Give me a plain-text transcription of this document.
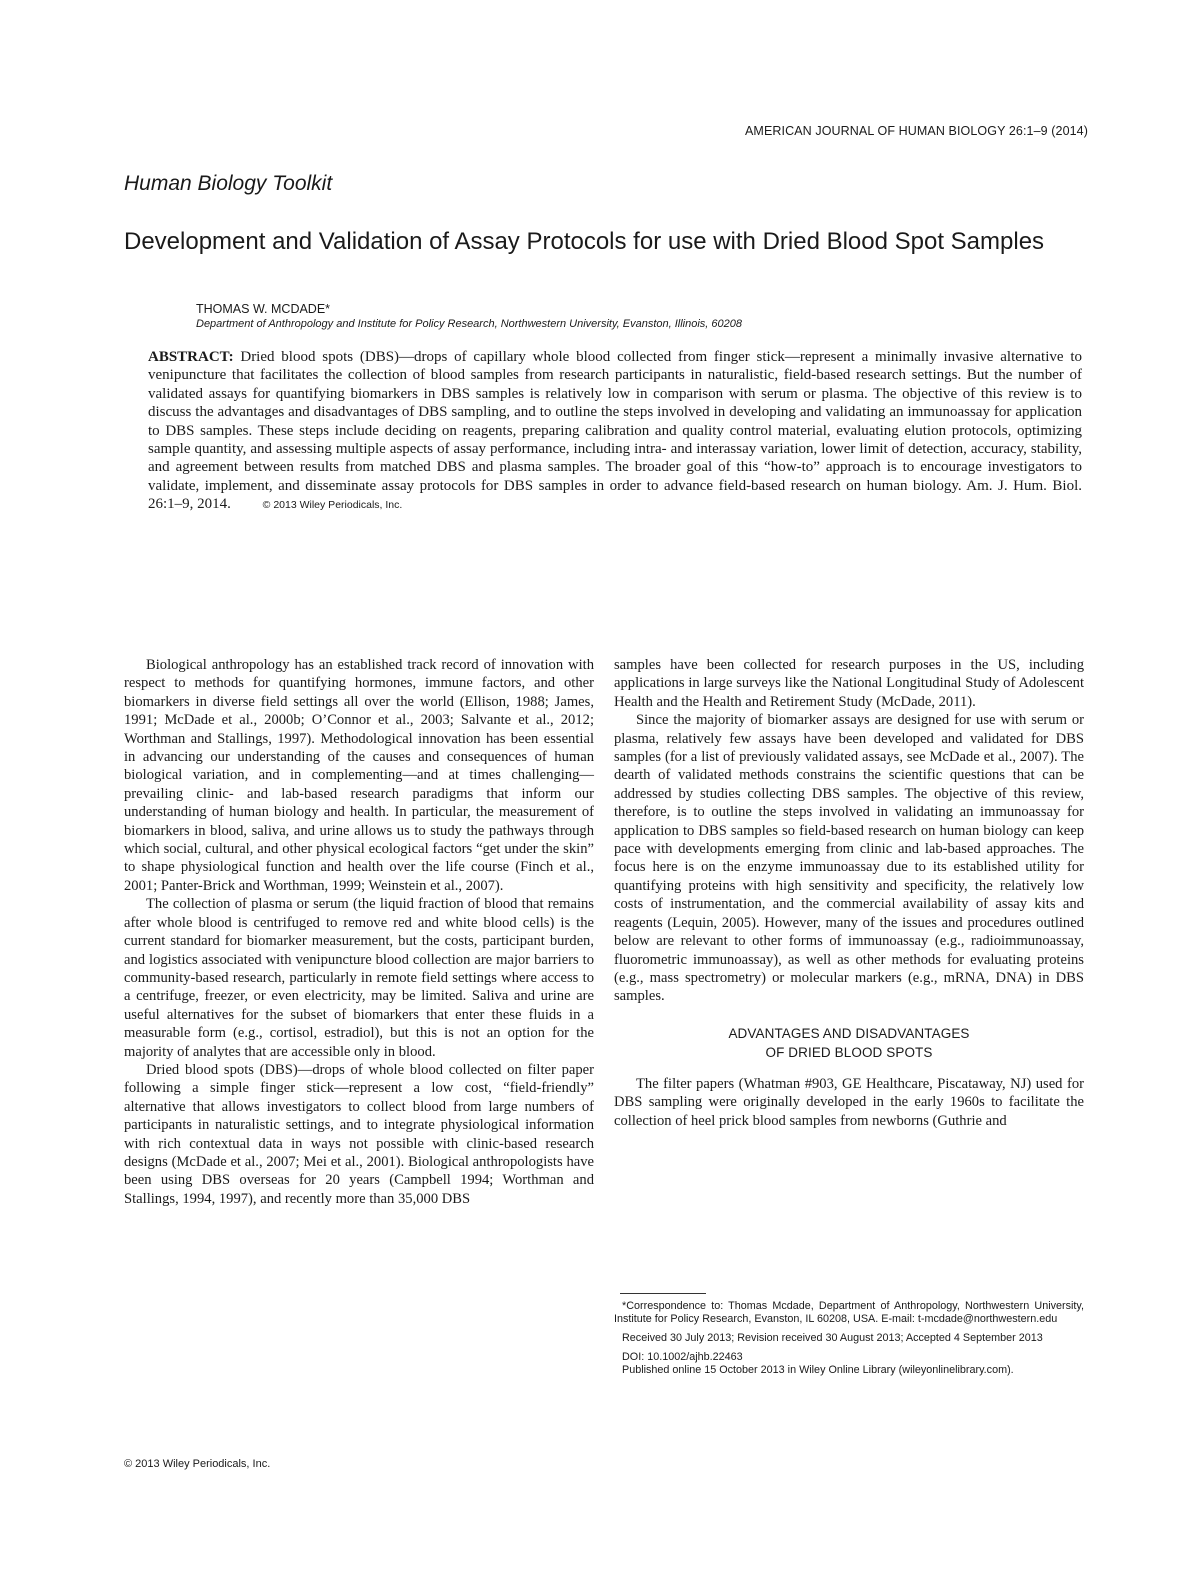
AMERICAN JOURNAL OF HUMAN BIOLOGY 26:1–9 (2014)
Human Biology Toolkit
Development and Validation of Assay Protocols for use with Dried Blood Spot Samples
THOMAS W. MCDADE*
Department of Anthropology and Institute for Policy Research, Northwestern University, Evanston, Illinois, 60208
ABSTRACT: Dried blood spots (DBS)—drops of capillary whole blood collected from finger stick—represent a minimally invasive alternative to venipuncture that facilitates the collection of blood samples from research participants in naturalistic, field-based research settings. But the number of validated assays for quantifying biomarkers in DBS samples is relatively low in comparison with serum or plasma. The objective of this review is to discuss the advantages and disadvantages of DBS sampling, and to outline the steps involved in developing and validating an immunoassay for application to DBS samples. These steps include deciding on reagents, preparing calibration and quality control material, evaluating elution protocols, optimizing sample quantity, and assessing multiple aspects of assay performance, including intra- and interassay variation, lower limit of detection, accuracy, stability, and agreement between results from matched DBS and plasma samples. The broader goal of this “how-to” approach is to encourage investigators to validate, implement, and disseminate assay protocols for DBS samples in order to advance field-based research on human biology. Am. J. Hum. Biol. 26:1–9, 2014.	© 2013 Wiley Periodicals, Inc.

Biological anthropology has an established track record of innovation with respect to methods for quantifying hormones, immune factors, and other biomarkers in diverse field settings all over the world (Ellison, 1988; James, 1991; McDade et al., 2000b; O’Connor et al., 2003; Salvante et al., 2012; Worthman and Stallings, 1997). Methodological innovation has been essential in advancing our understanding of the causes and consequences of human biological variation, and in complementing—and at times challenging—prevailing clinic- and lab-based research paradigms that inform our understanding of human biology and health. In particular, the measurement of biomarkers in blood, saliva, and urine allows us to study the pathways through which social, cultural, and other physical ecological factors “get under the skin” to shape physiological function and health over the life course (Finch et al., 2001; Panter-Brick and Worthman, 1999; Weinstein et al., 2007).

The collection of plasma or serum (the liquid fraction of blood that remains after whole blood is centrifuged to remove red and white blood cells) is the current standard for biomarker measurement, but the costs, participant burden, and logistics associated with venipuncture blood collection are major barriers to community-based research, particularly in remote field settings where access to a centrifuge, freezer, or even electricity, may be limited. Saliva and urine are useful alternatives for the subset of biomarkers that enter these fluids in a measurable form (e.g., cortisol, estradiol), but this is not an option for the majority of analytes that are accessible only in blood.

Dried blood spots (DBS)—drops of whole blood collected on filter paper following a simple finger stick—represent a low cost, “field-friendly” alternative that allows investigators to collect blood from large numbers of participants in naturalistic settings, and to integrate physiological information with rich contextual data in ways not possible with clinic-based research designs (McDade et al., 2007; Mei et al., 2001). Biological anthropologists have been using DBS overseas for 20 years (Campbell 1994; Worthman and Stallings, 1994, 1997), and recently more than 35,000 DBS

samples have been collected for research purposes in the US, including applications in large surveys like the National Longitudinal Study of Adolescent Health and the Health and Retirement Study (McDade, 2011).

Since the majority of biomarker assays are designed for use with serum or plasma, relatively few assays have been developed and validated for DBS samples (for a list of previously validated assays, see McDade et al., 2007). The dearth of validated methods constrains the scientific questions that can be addressed by studies collecting DBS samples. The objective of this review, therefore, is to outline the steps involved in validating an immunoassay for application to DBS samples so field-based research on human biology can keep pace with developments emerging from clinic and lab-based approaches. The focus here is on the enzyme immunoassay due to its established utility for quantifying proteins with high sensitivity and specificity, the relatively low costs of instrumentation, and the commercial availability of assay kits and reagents (Lequin, 2005). However, many of the issues and procedures outlined below are relevant to other forms of immunoassay (e.g., radioimmunoassay, fluorometric immunoassay), as well as other methods for evaluating proteins (e.g., mass spectrometry) or molecular markers (e.g., mRNA, DNA) in DBS samples.

ADVANTAGES AND DISADVANTAGES
OF DRIED BLOOD SPOTS

The filter papers (Whatman #903, GE Healthcare, Piscataway, NJ) used for DBS sampling were originally developed in the early 1960s to facilitate the collection of heel prick blood samples from newborns (Guthrie and

*Correspondence to: Thomas Mcdade, Department of Anthropology, Northwestern University, Institute for Policy Research, Evanston, IL 60208, USA. E-mail: t-mcdade@northwestern.edu

Received 30 July 2013; Revision received 30 August 2013; Accepted 4 September 2013

DOI: 10.1002/ajhb.22463

Published online 15 October 2013 in Wiley Online Library (wileyonlinelibrary.com).

© 2013 Wiley Periodicals, Inc.
